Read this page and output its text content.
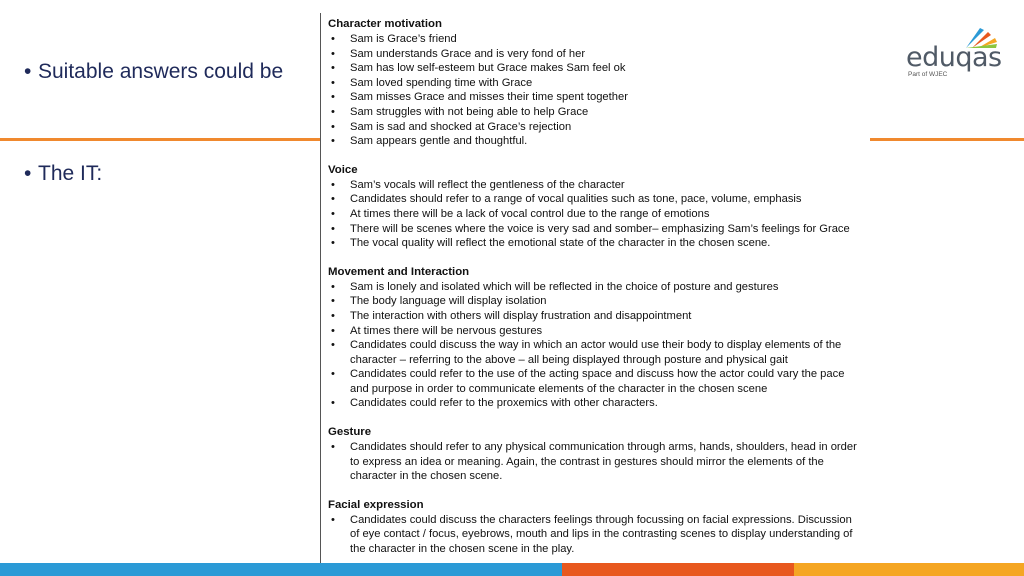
• Suitable answers could be
• The IT:
eduqas
Part of WJEC
Character motivation
• Sam is Grace’s friend
• Sam understands Grace and is very fond of her
• Sam has low self-esteem but Grace makes Sam feel ok
• Sam loved spending time with Grace
• Sam misses Grace and misses their time spent together
• Sam struggles with not being able to help Grace
• Sam is sad and shocked at Grace’s rejection
• Sam appears gentle and thoughtful.
Voice
• Sam’s vocals will reflect the gentleness of the character
• Candidates should refer to a range of vocal qualities such as tone, pace, volume, emphasis
• At times there will be a lack of vocal control due to the range of emotions
• There will be scenes where the voice is very sad and somber– emphasizing Sam’s feelings for Grace
• The vocal quality will reflect the emotional state of the character in the chosen scene.
Movement and Interaction
• Sam is lonely and isolated which will be reflected in the choice of posture and gestures
• The body language will display isolation
• The interaction with others will display frustration and disappointment
• At times there will be nervous gestures
• Candidates could discuss the way in which an actor would use their body to display elements of the character – referring to the above – all being displayed through posture and physical gait
• Candidates could refer to the use of the acting space and discuss how the actor could vary the pace and purpose in order to communicate elements of the character in the chosen scene
• Candidates could refer to the proxemics with other characters.
Gesture
• Candidates should refer to any physical communication through arms, hands, shoulders, head in order to express an idea or meaning. Again, the contrast in gestures should mirror the elements of the character in the chosen scene.
Facial expression
• Candidates could discuss the characters feelings through focussing on facial expressions. Discussion of eye contact / focus, eyebrows, mouth and lips in the contrasting scenes to display understanding of the character in the chosen scene in the play.
